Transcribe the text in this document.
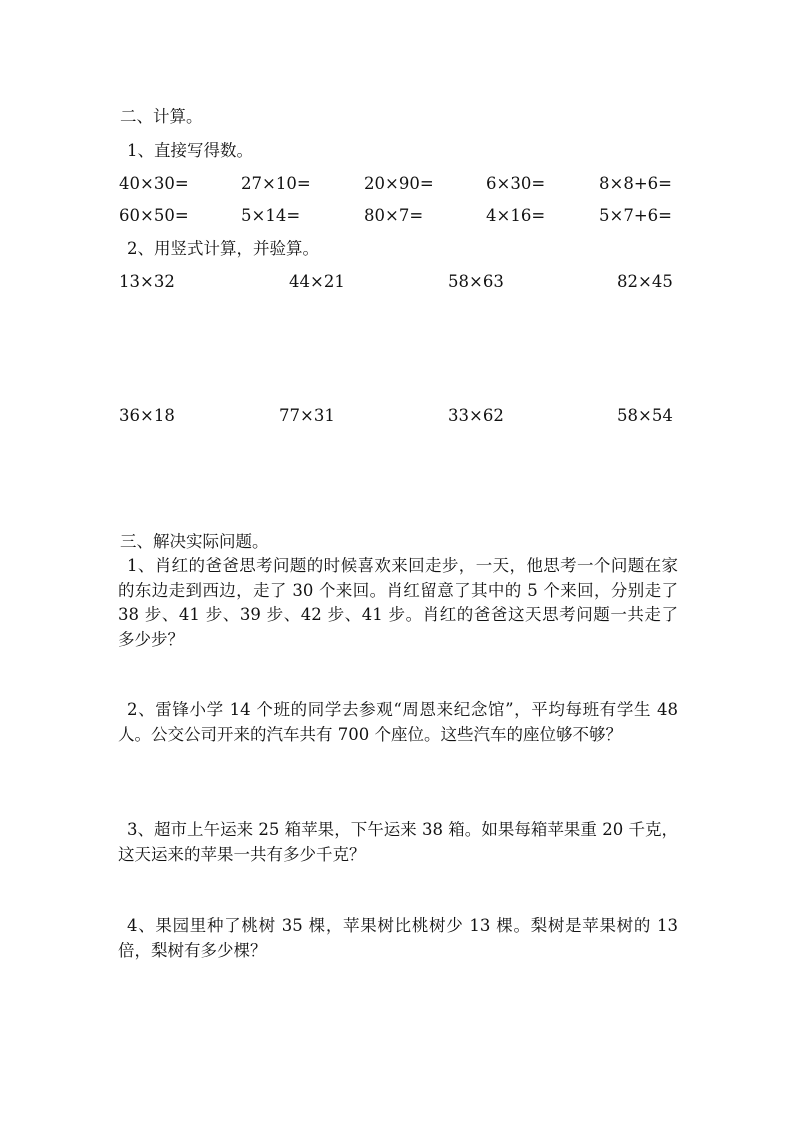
二、计算。
1、直接写得数。
40×30=	27×10=	20×90=	6×30=	8×8+6=
60×50=	5×14=	80×7=	4×16=	5×7+6=
2、用竖式计算，并验算。
13×32	44×21	58×63	82×45
36×18	77×31	33×62	58×54
三、解决实际问题。
1、肖红的爸爸思考问题的时候喜欢来回走步，一天，他思考一个问题在家的东边走到西边，走了 30 个来回。肖红留意了其中的 5 个来回，分别走了 38 步、41 步、39 步、42 步、41 步。肖红的爸爸这天思考问题一共走了多少步？
2、雷锋小学 14 个班的同学去参观“周恩来纪念馆”，平均每班有学生 48 人。公交公司开来的汽车共有 700 个座位。这些汽车的座位够不够？
3、超市上午运来 25 箱苹果，下午运来 38 箱。如果每箱苹果重 20 千克，这天运来的苹果一共有多少千克？
4、果园里种了桃树 35 棵，苹果树比桃树少 13 棵。梨树是苹果树的 13 倍，梨树有多少棵？
